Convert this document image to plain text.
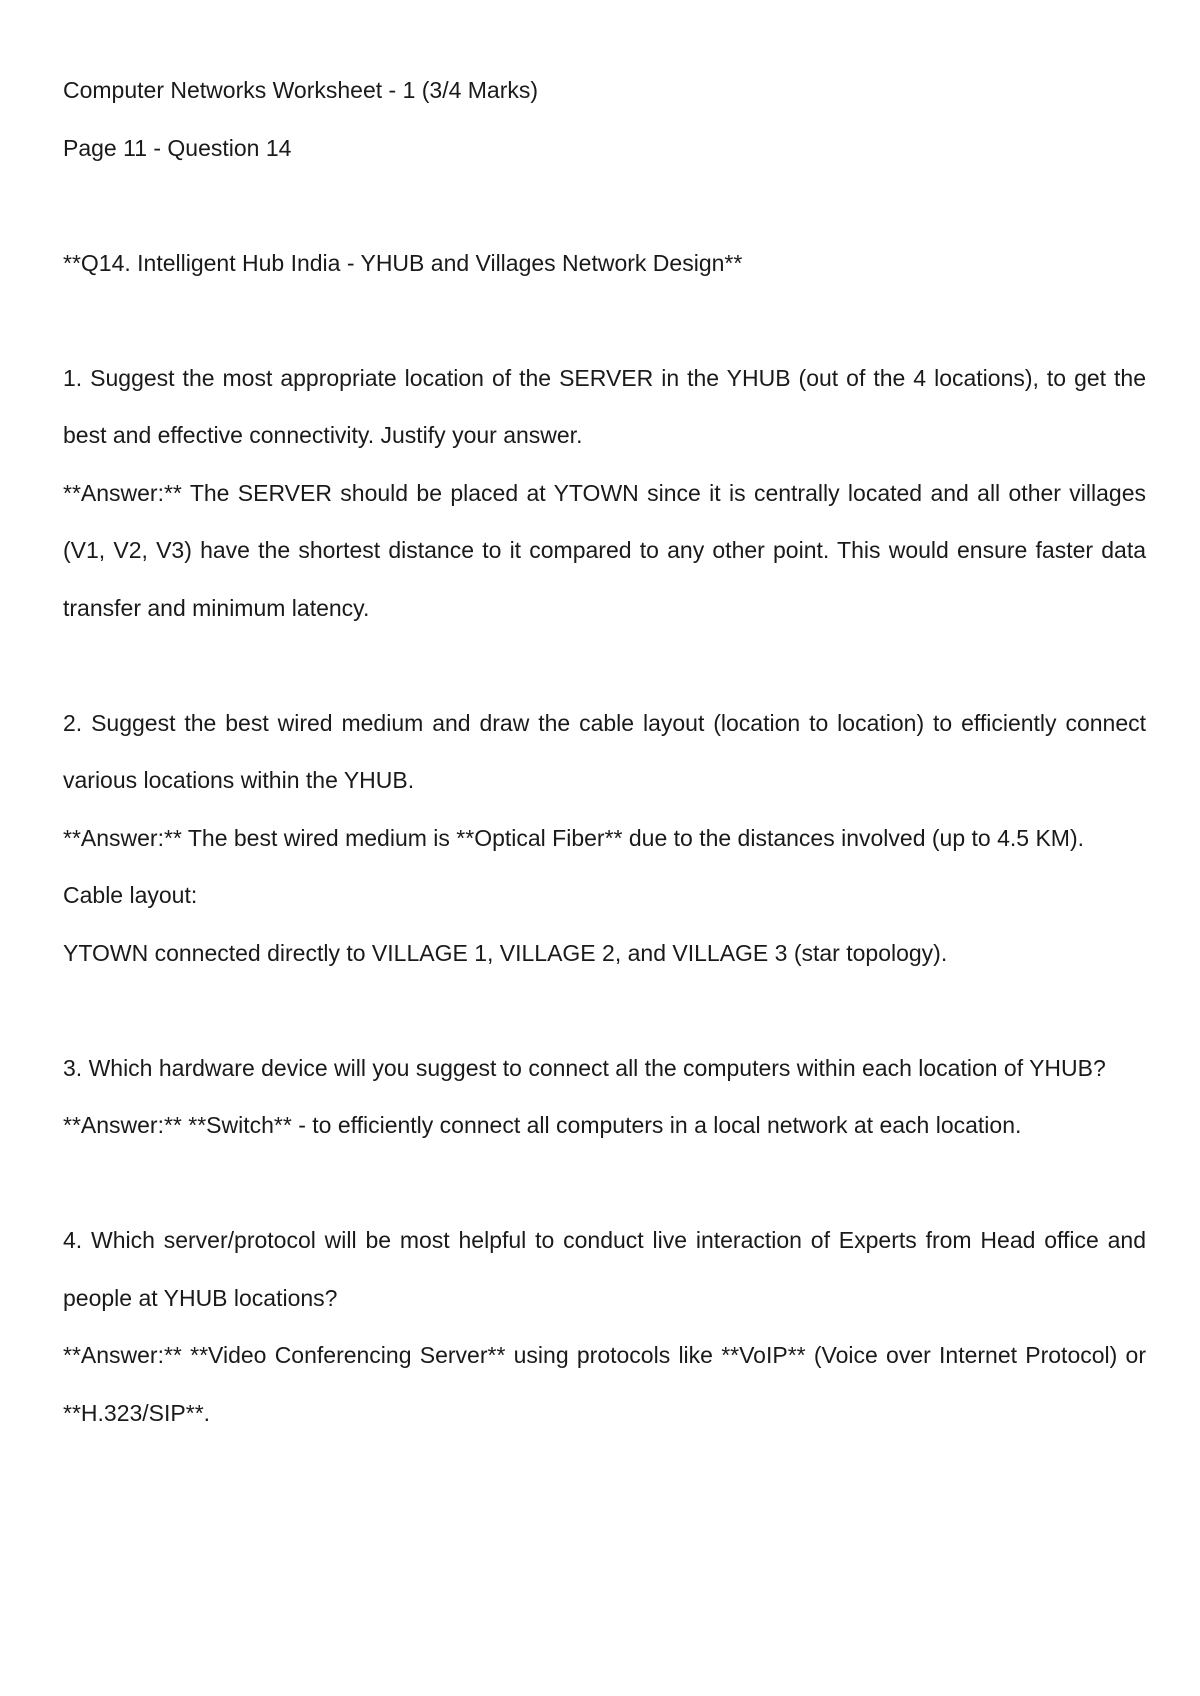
Computer Networks Worksheet - 1 (3/4 Marks)

Page 11 - Question 14

**Q14. Intelligent Hub India - YHUB and Villages Network Design**

1. Suggest the most appropriate location of the SERVER in the YHUB (out of the 4 locations), to get the best and effective connectivity. Justify your answer.

**Answer:** The SERVER should be placed at YTOWN since it is centrally located and all other villages (V1, V2, V3) have the shortest distance to it compared to any other point. This would ensure faster data transfer and minimum latency.

2. Suggest the best wired medium and draw the cable layout (location to location) to efficiently connect various locations within the YHUB.

**Answer:** The best wired medium is **Optical Fiber** due to the distances involved (up to 4.5 KM).

Cable layout:

YTOWN connected directly to VILLAGE 1, VILLAGE 2, and VILLAGE 3 (star topology).

3. Which hardware device will you suggest to connect all the computers within each location of YHUB?

**Answer:** **Switch** - to efficiently connect all computers in a local network at each location.

4. Which server/protocol will be most helpful to conduct live interaction of Experts from Head office and people at YHUB locations?

**Answer:** **Video Conferencing Server** using protocols like **VoIP** (Voice over Internet Protocol) or **H.323/SIP**.
